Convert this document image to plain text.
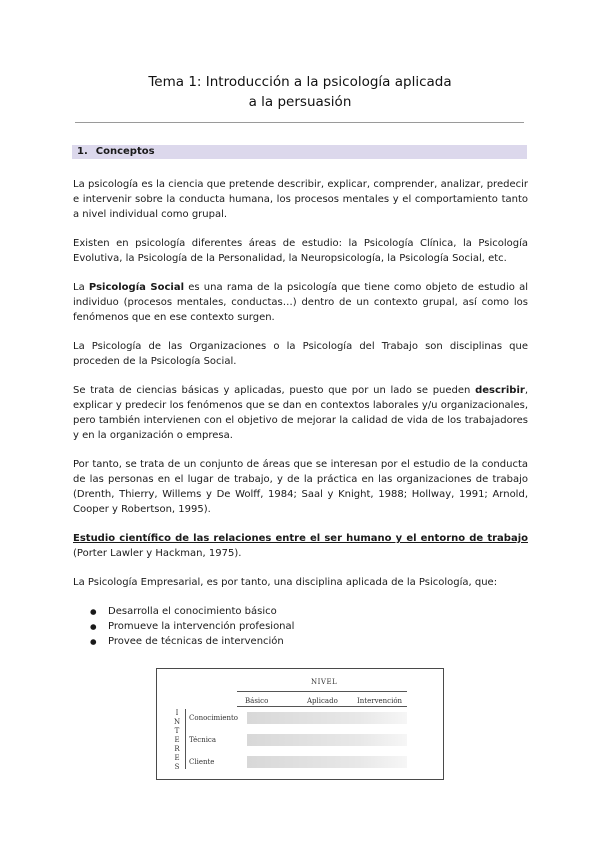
Tema 1: Introducción a la psicología aplicada
a la persuasión
1. Conceptos
La psicología es la ciencia que pretende describir, explicar, comprender, analizar, predecir e intervenir sobre la conducta humana, los procesos mentales y el comportamiento tanto a nivel individual como grupal.
Existen en psicología diferentes áreas de estudio: la Psicología Clínica, la Psicología Evolutiva, la Psicología de la Personalidad, la Neuropsicología, la Psicología Social, etc.
La Psicología Social es una rama de la psicología que tiene como objeto de estudio al individuo (procesos mentales, conductas…) dentro de un contexto grupal, así como los fenómenos que en ese contexto surgen.
La Psicología de las Organizaciones o la Psicología del Trabajo son disciplinas que proceden de la Psicología Social.
Se trata de ciencias básicas y aplicadas, puesto que por un lado se pueden describir, explicar y predecir los fenómenos que se dan en contextos laborales y/u organizacionales, pero también intervienen con el objetivo de mejorar la calidad de vida de los trabajadores y en la organización o empresa.
Por tanto, se trata de un conjunto de áreas que se interesan por el estudio de la conducta de las personas en el lugar de trabajo, y de la práctica en las organizaciones de trabajo (Drenth, Thierry, Willems y De Wolff, 1984; Saal y Knight, 1988; Hollway, 1991; Arnold, Cooper y Robertson, 1995).
Estudio científico de las relaciones entre el ser humano y el entorno de trabajo (Porter Lawler y Hackman, 1975).
La Psicología Empresarial, es por tanto, una disciplina aplicada de la Psicología, que:
● Desarrolla el conocimiento básico
● Promueve la intervención profesional
● Provee de técnicas de intervención
NIVEL
Básico	Aplicado	Intervención
I
N
T
E
R
E
S
Conocimiento
Técnica
Cliente
